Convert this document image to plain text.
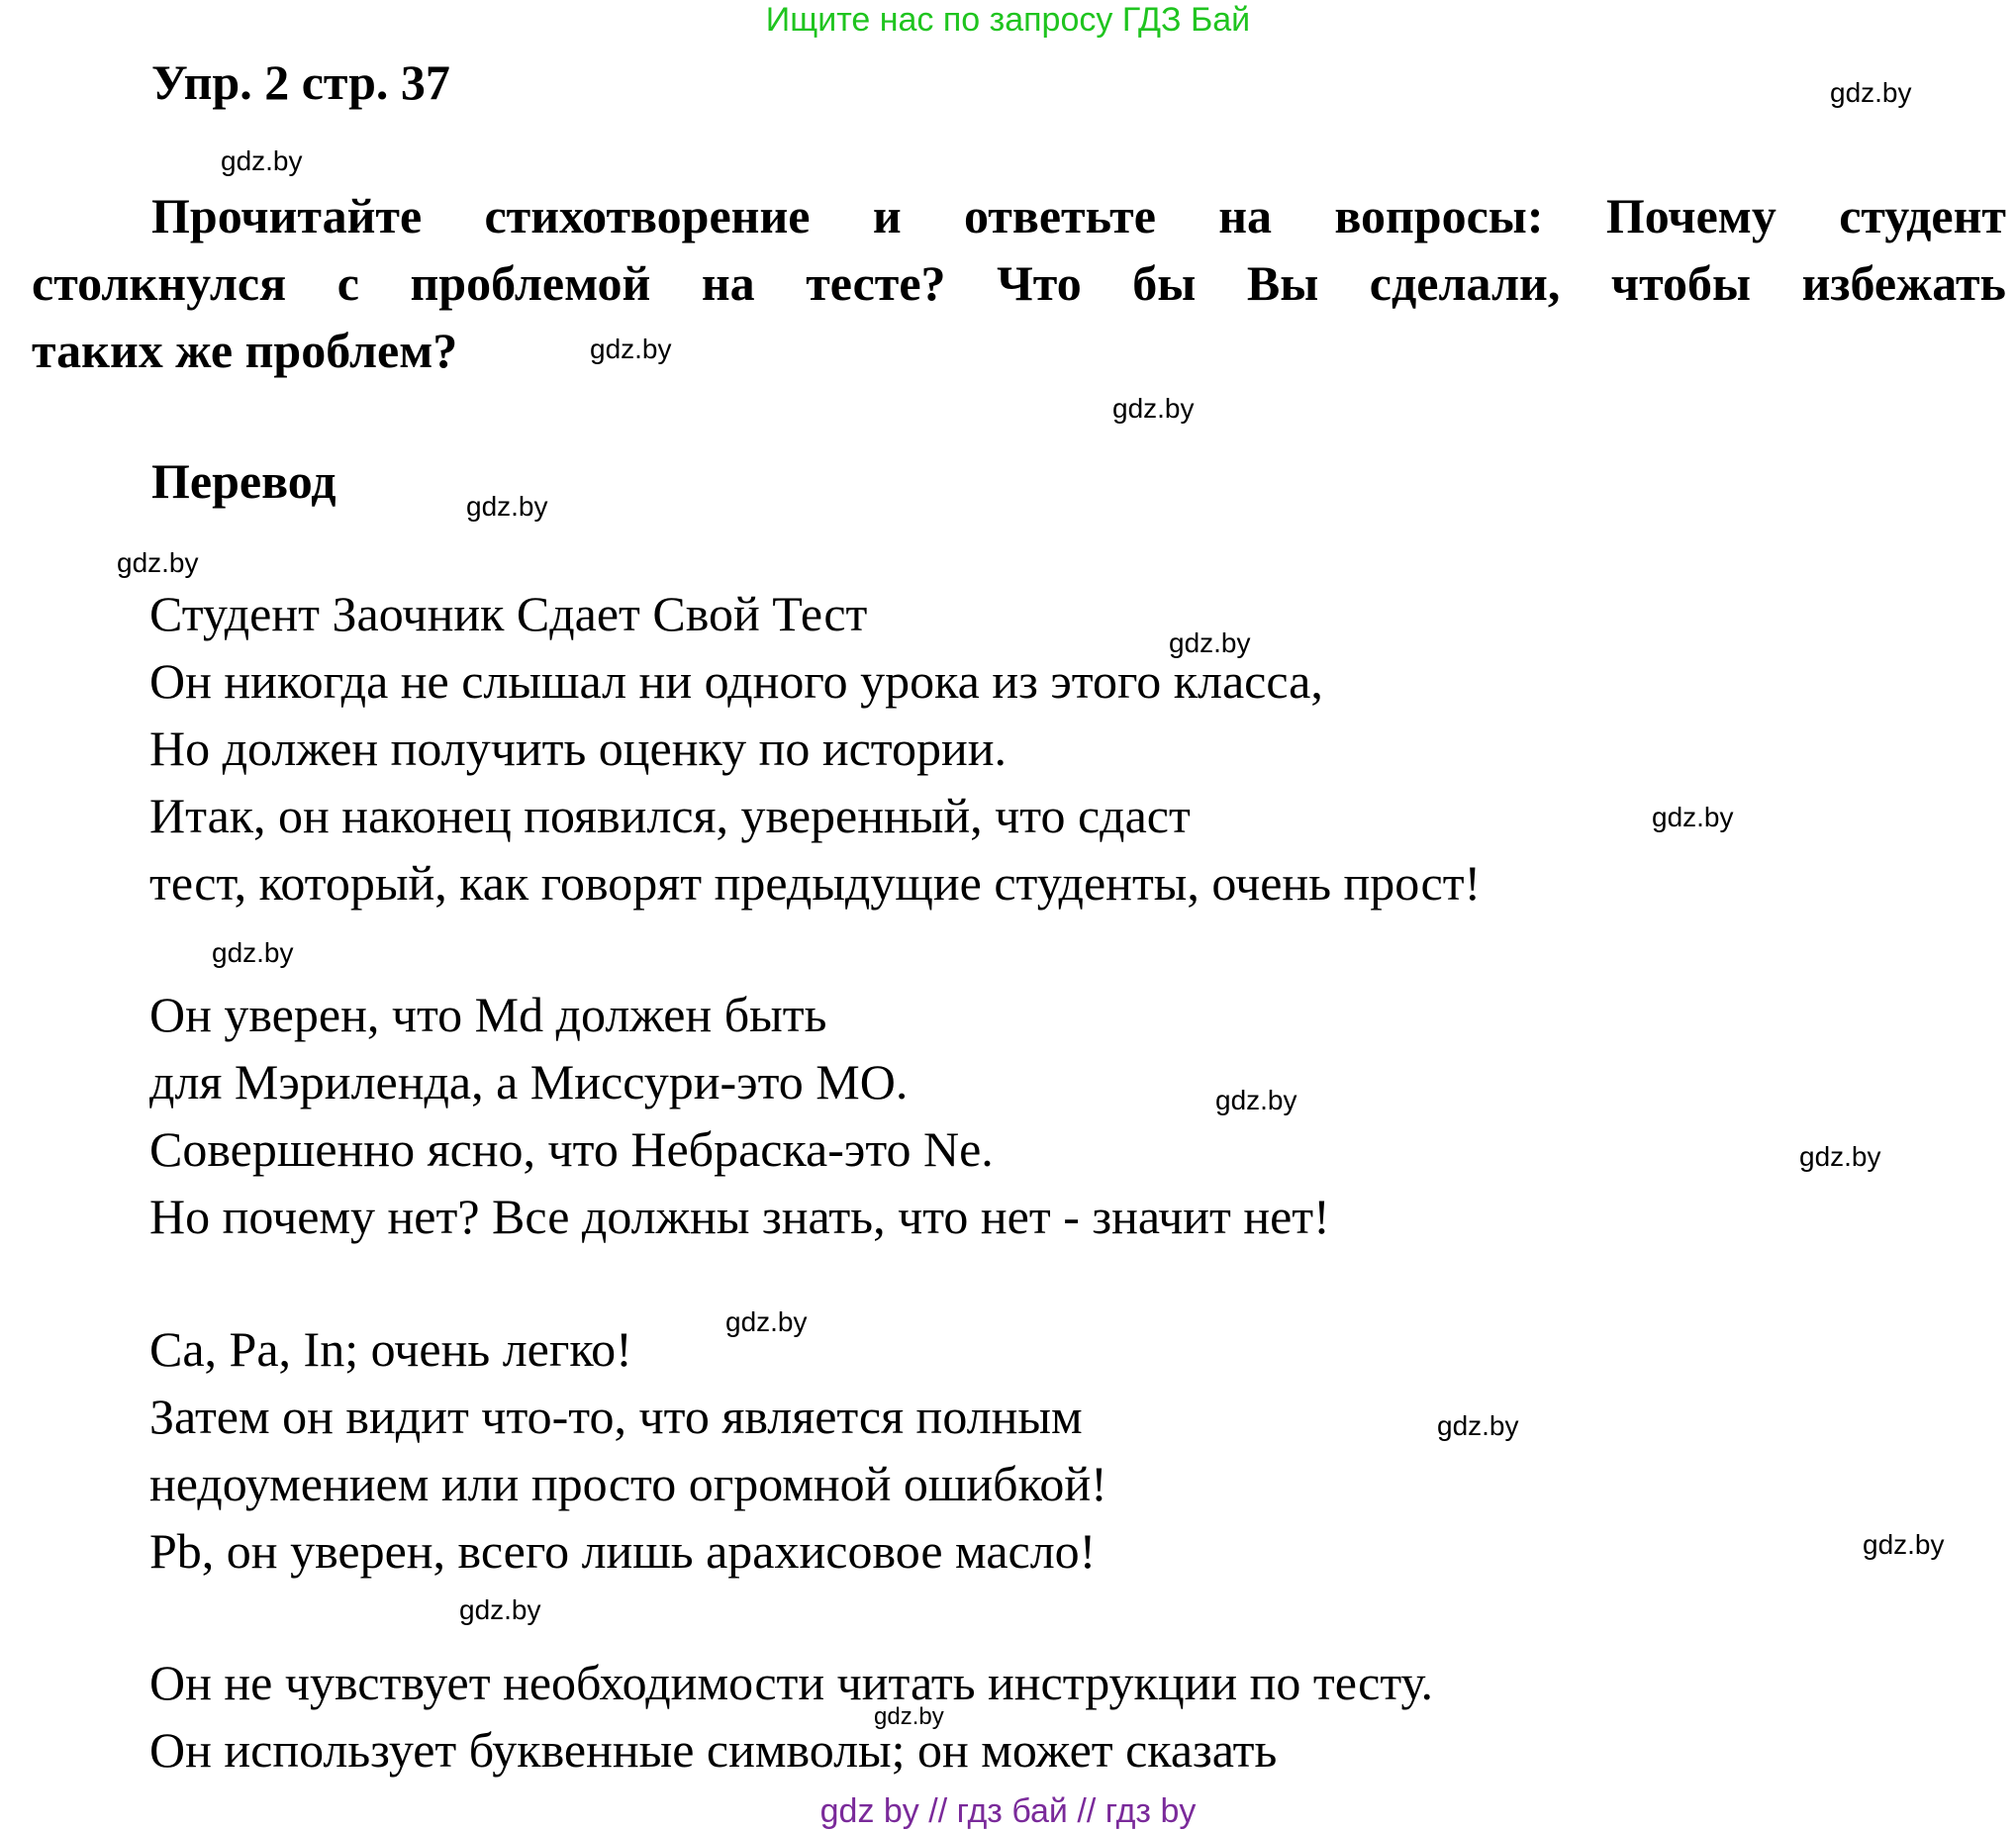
Ищите нас по запросу ГДЗ Бай
Упр. 2 стр. 37
Прочитайте стихотворение и ответьте на вопросы: Почему студент
столкнулся с проблемой на тесте? Что бы Вы сделали, чтобы избежать
таких же проблем?
Перевод
Студент Заочник Сдает Свой Тест
Он никогда не слышал ни одного урока из этого класса,
Но должен получить оценку по истории.
Итак, он наконец появился, уверенный, что сдаст
тест, который, как говорят предыдущие студенты, очень прост!
Он уверен, что Md должен быть
для Мэриленда, а Миссури-это МО.
Совершенно ясно, что Небраска-это Ne.
Но почему нет? Все должны знать, что нет - значит нет!
Ca, Pa, In; очень легко!
Затем он видит что-то, что является полным
недоумением или просто огромной ошибкой!
Pb, он уверен, всего лишь арахисовое масло!
Он не чувствует необходимости читать инструкции по тесту.
Он использует буквенные символы; он может сказать
gdz.by
gdz.by
gdz.by
gdz.by
gdz.by
gdz.by
gdz.by
gdz.by
gdz.by
gdz.by
gdz.by
gdz.by
gdz.by
gdz.by
gdz.by
gdz.by
gdz by // гдз бай // гдз by
